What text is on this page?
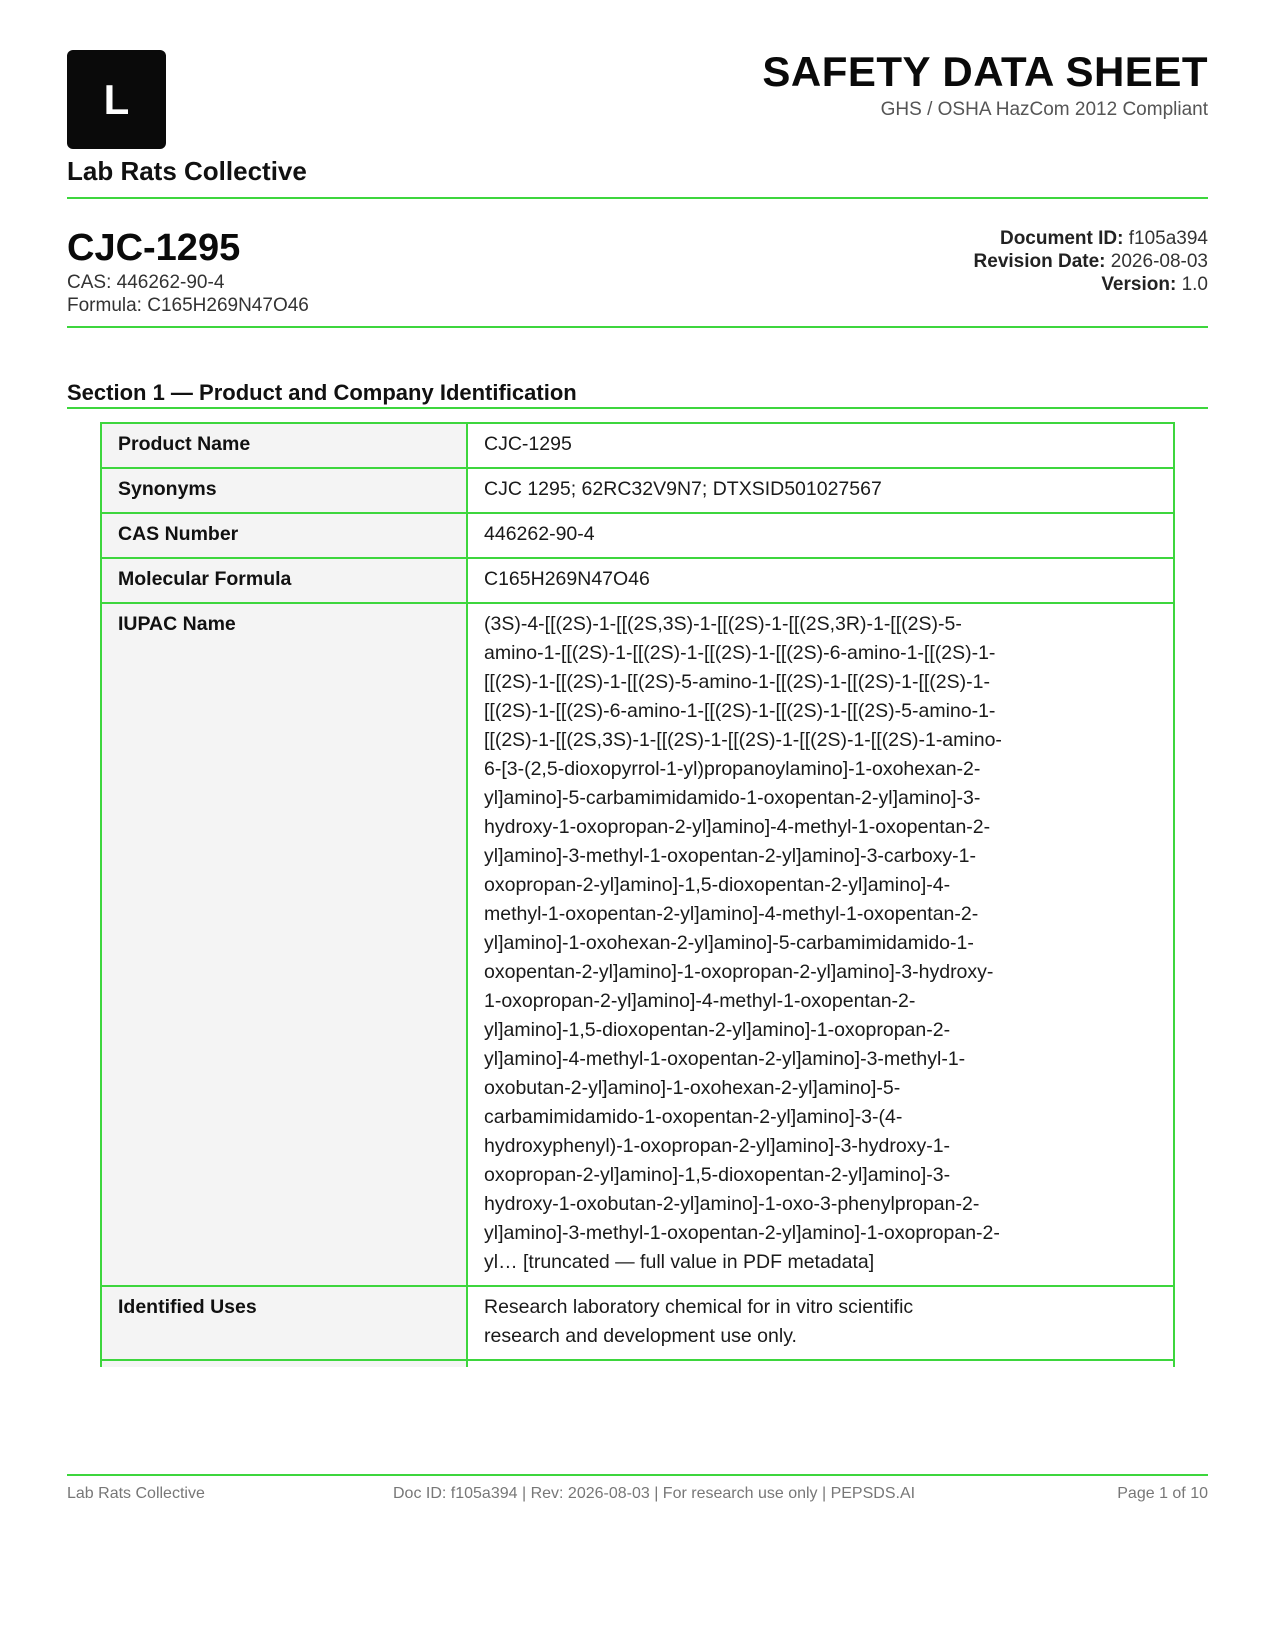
L
Lab Rats Collective
SAFETY DATA SHEET
GHS / OSHA HazCom 2012 Compliant
CJC-1295
CAS: 446262-90-4
Formula: C165H269N47O46
Document ID: f105a394
Revision Date: 2026-08-03
Version: 1.0
Section 1 — Product and Company Identification
Product Name	CJC-1295
Synonyms	CJC 1295; 62RC32V9N7; DTXSID501027567
CAS Number	446262-90-4
Molecular Formula	C165H269N47O46
IUPAC Name	(3S)-4-[[(2S)-1-[[(2S,3S)-1-[[(2S)-1-[[(2S,3R)-1-[[(2S)-5-amino-1-[[(2S)-1-[[(2S)-1-[[(2S)-1-[[(2S)-6-amino-1-[[(2S)-1-[[(2S)-1-[[(2S)-1-[[(2S)-5-amino-1-[[(2S)-1-[[(2S)-1-[[(2S)-1-[[(2S)-1-[[(2S)-6-amino-1-[[(2S)-1-[[(2S)-1-[[(2S)-5-amino-1-[[(2S)-1-[[(2S,3S)-1-[[(2S)-1-[[(2S)-1-[[(2S)-1-[[(2S)-1-amino-6-[3-(2,5-dioxopyrrol-1-yl)propanoylamino]-1-oxohexan-2-yl]amino]-5-carbamimidamido-1-oxopentan-2-yl]amino]-3-hydroxy-1-oxopropan-2-yl]amino]-4-methyl-1-oxopentan-2-yl]amino]-3-methyl-1-oxopentan-2-yl]amino]-3-carboxy-1-oxopropan-2-yl]amino]-1,5-dioxopentan-2-yl]amino]-4-methyl-1-oxopentan-2-yl]amino]-4-methyl-1-oxopentan-2-yl]amino]-1-oxohexan-2-yl]amino]-5-carbamimidamido-1-oxopentan-2-yl]amino]-1-oxopropan-2-yl]amino]-3-hydroxy-1-oxopropan-2-yl]amino]-4-methyl-1-oxopentan-2-yl]amino]-1,5-dioxopentan-2-yl]amino]-1-oxopropan-2-yl]amino]-4-methyl-1-oxopentan-2-yl]amino]-3-methyl-1-oxobutan-2-yl]amino]-1-oxohexan-2-yl]amino]-5-carbamimidamido-1-oxopentan-2-yl]amino]-3-(4-hydroxyphenyl)-1-oxopropan-2-yl]amino]-3-hydroxy-1-oxopropan-2-yl]amino]-1,5-dioxopentan-2-yl]amino]-3-hydroxy-1-oxobutan-2-yl]amino]-1-oxo-3-phenylpropan-2-yl]amino]-3-methyl-1-oxopentan-2-yl]amino]-1-oxopropan-2-yl… [truncated — full value in PDF metadata]

Identified Uses	Research laboratory chemical for in vitro scientific research and development use only.

Lab Rats Collective	Doc ID: f105a394 | Rev: 2026-08-03 | For research use only | PEPSDS.AI	Page 1 of 10
